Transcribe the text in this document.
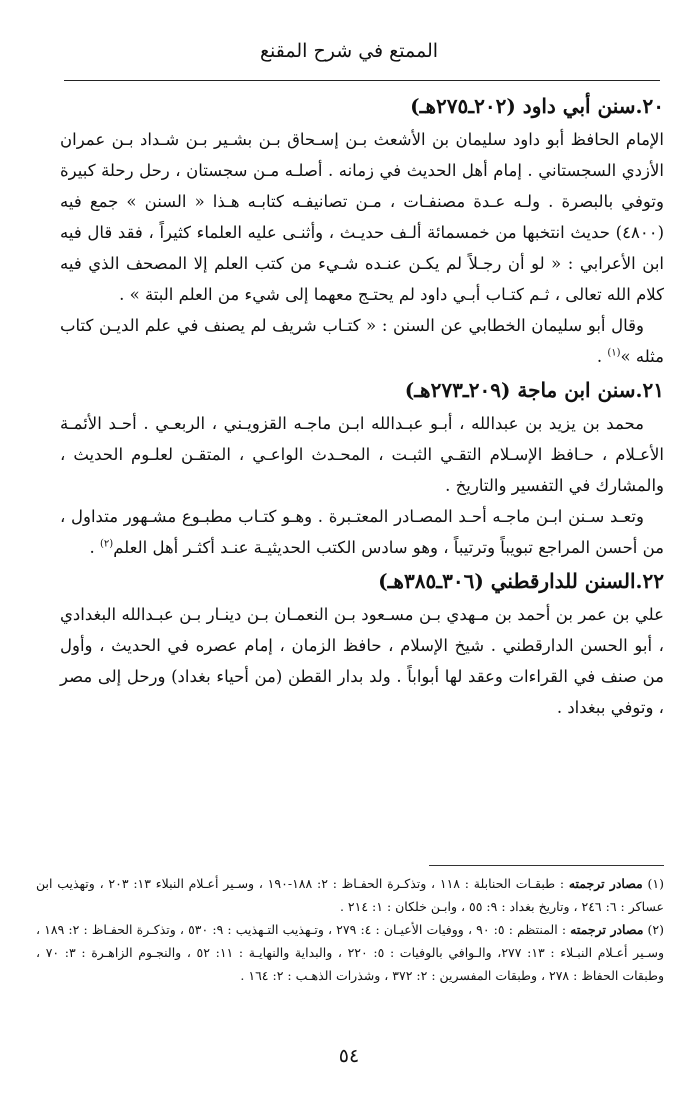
الممتع في شرح المقنع

٢٠.سنن أبي داود (٢٠٢ـ٢٧٥هـ)

الإمام الحافظ أبو داود سليمان بن الأشعث بـن إسـحاق بـن بشـير بـن شـداد بـن عمران الأزدي السجستاني . إمام أهل الحديث في زمانه . أصلـه مـن سجستان ، رحل رحلة كبيرة وتوفي بالبصرة . ولـه عـدة مصنفـات ، مـن تصانيفـه كتابـه هـذا « السنن » جمع فيه (٤٨٠٠) حديث انتخبها من خمسمائة ألـف حديـث ، وأثنـى عليه العلماء كثيراً ، فقد قال فيه ابن الأعرابي : « لو أن رجـلاً لم يكـن عنـده شـيء من كتب العلم إلا المصحف الذي فيه كلام الله تعالى ، ثـم كتـاب أبـي داود لم يحتـج معهما إلى شيء من العلم البتة » .

وقال أبو سليمان الخطابي عن السنن : « كتـاب شريف لم يصنف في علم الديـن كتاب مثله »$^{(١)}$ .

٢١.سنن ابن ماجة (٢٠٩ـ٢٧٣هـ)

محمد بن يزيد بن عبدالله ، أبـو عبـدالله ابـن ماجـه القزويـني ، الربعـي . أحـد الأئمـة الأعـلام ، حـافظ الإسـلام التقـي الثبـت ، المحـدث الواعـي ، المتقـن لعلـوم الحديث ، والمشارك في التفسير والتاريخ .

وتعـد سـنن ابـن ماجـه أحـد المصـادر المعتـبرة . وهـو كتـاب مطبـوع مشـهور متداول ، من أحسن المراجع تبويباً وترتيباً ، وهو سادس الكتب الحديثيـة عنـد أكثـر أهل العلم$^{(٢)}$ .

٢٢.السنن للدارقطني (٣٠٦ـ٣٨٥هـ)

علي بن عمر بن أحمد بن مـهدي بـن مسـعود بـن النعمـان بـن دينـار بـن عبـدالله البغدادي ، أبو الحسن الدارقطني . شيخ الإسلام ، حافظ الزمان ، إمام عصره في الحديث ، وأول من صنف في القراءات وعقد لها أبواباً . ولد بدار القطن (من أحياء بغداد) ورحل إلى مصر ، وتوفي ببغداد .

(١) مصادر ترجمته : طبقـات الحنابلة : ١١٨ ، وتذكـرة الحفـاظ : ٢: ١٨٨-١٩٠ ، وسـير أعـلام النبلاء ١٣: ٢٠٣ ، وتهذيب ابن عساكر : ٦: ٢٤٦ ، وتاريخ بغداد : ٩: ٥٥ ، وابـن خلكان : ١: ٢١٤ .

(٢) مصادر ترجمته : المنتظم : ٥: ٩٠ ، ووفيات الأعيـان : ٤: ٢٧٩ ، وتـهذيب التـهذيب : ٩: ٥٣٠ ، وتذكـرة الحفـاظ : ٢: ١٨٩ ، وسـير أعـلام النبـلاء : ١٣: ٢٧٧، والـوافي بالوفيات : ٥: ٢٢٠ ، والبداية والنهايـة : ١١: ٥٢ ، والنجـوم الزاهـرة : ٣: ٧٠ ، وطبقات الحفاظ : ٢٧٨ ، وطبقات المفسرين : ٢: ٣٧٢ ، وشذرات الذهـب : ٢: ١٦٤ .

٥٤
